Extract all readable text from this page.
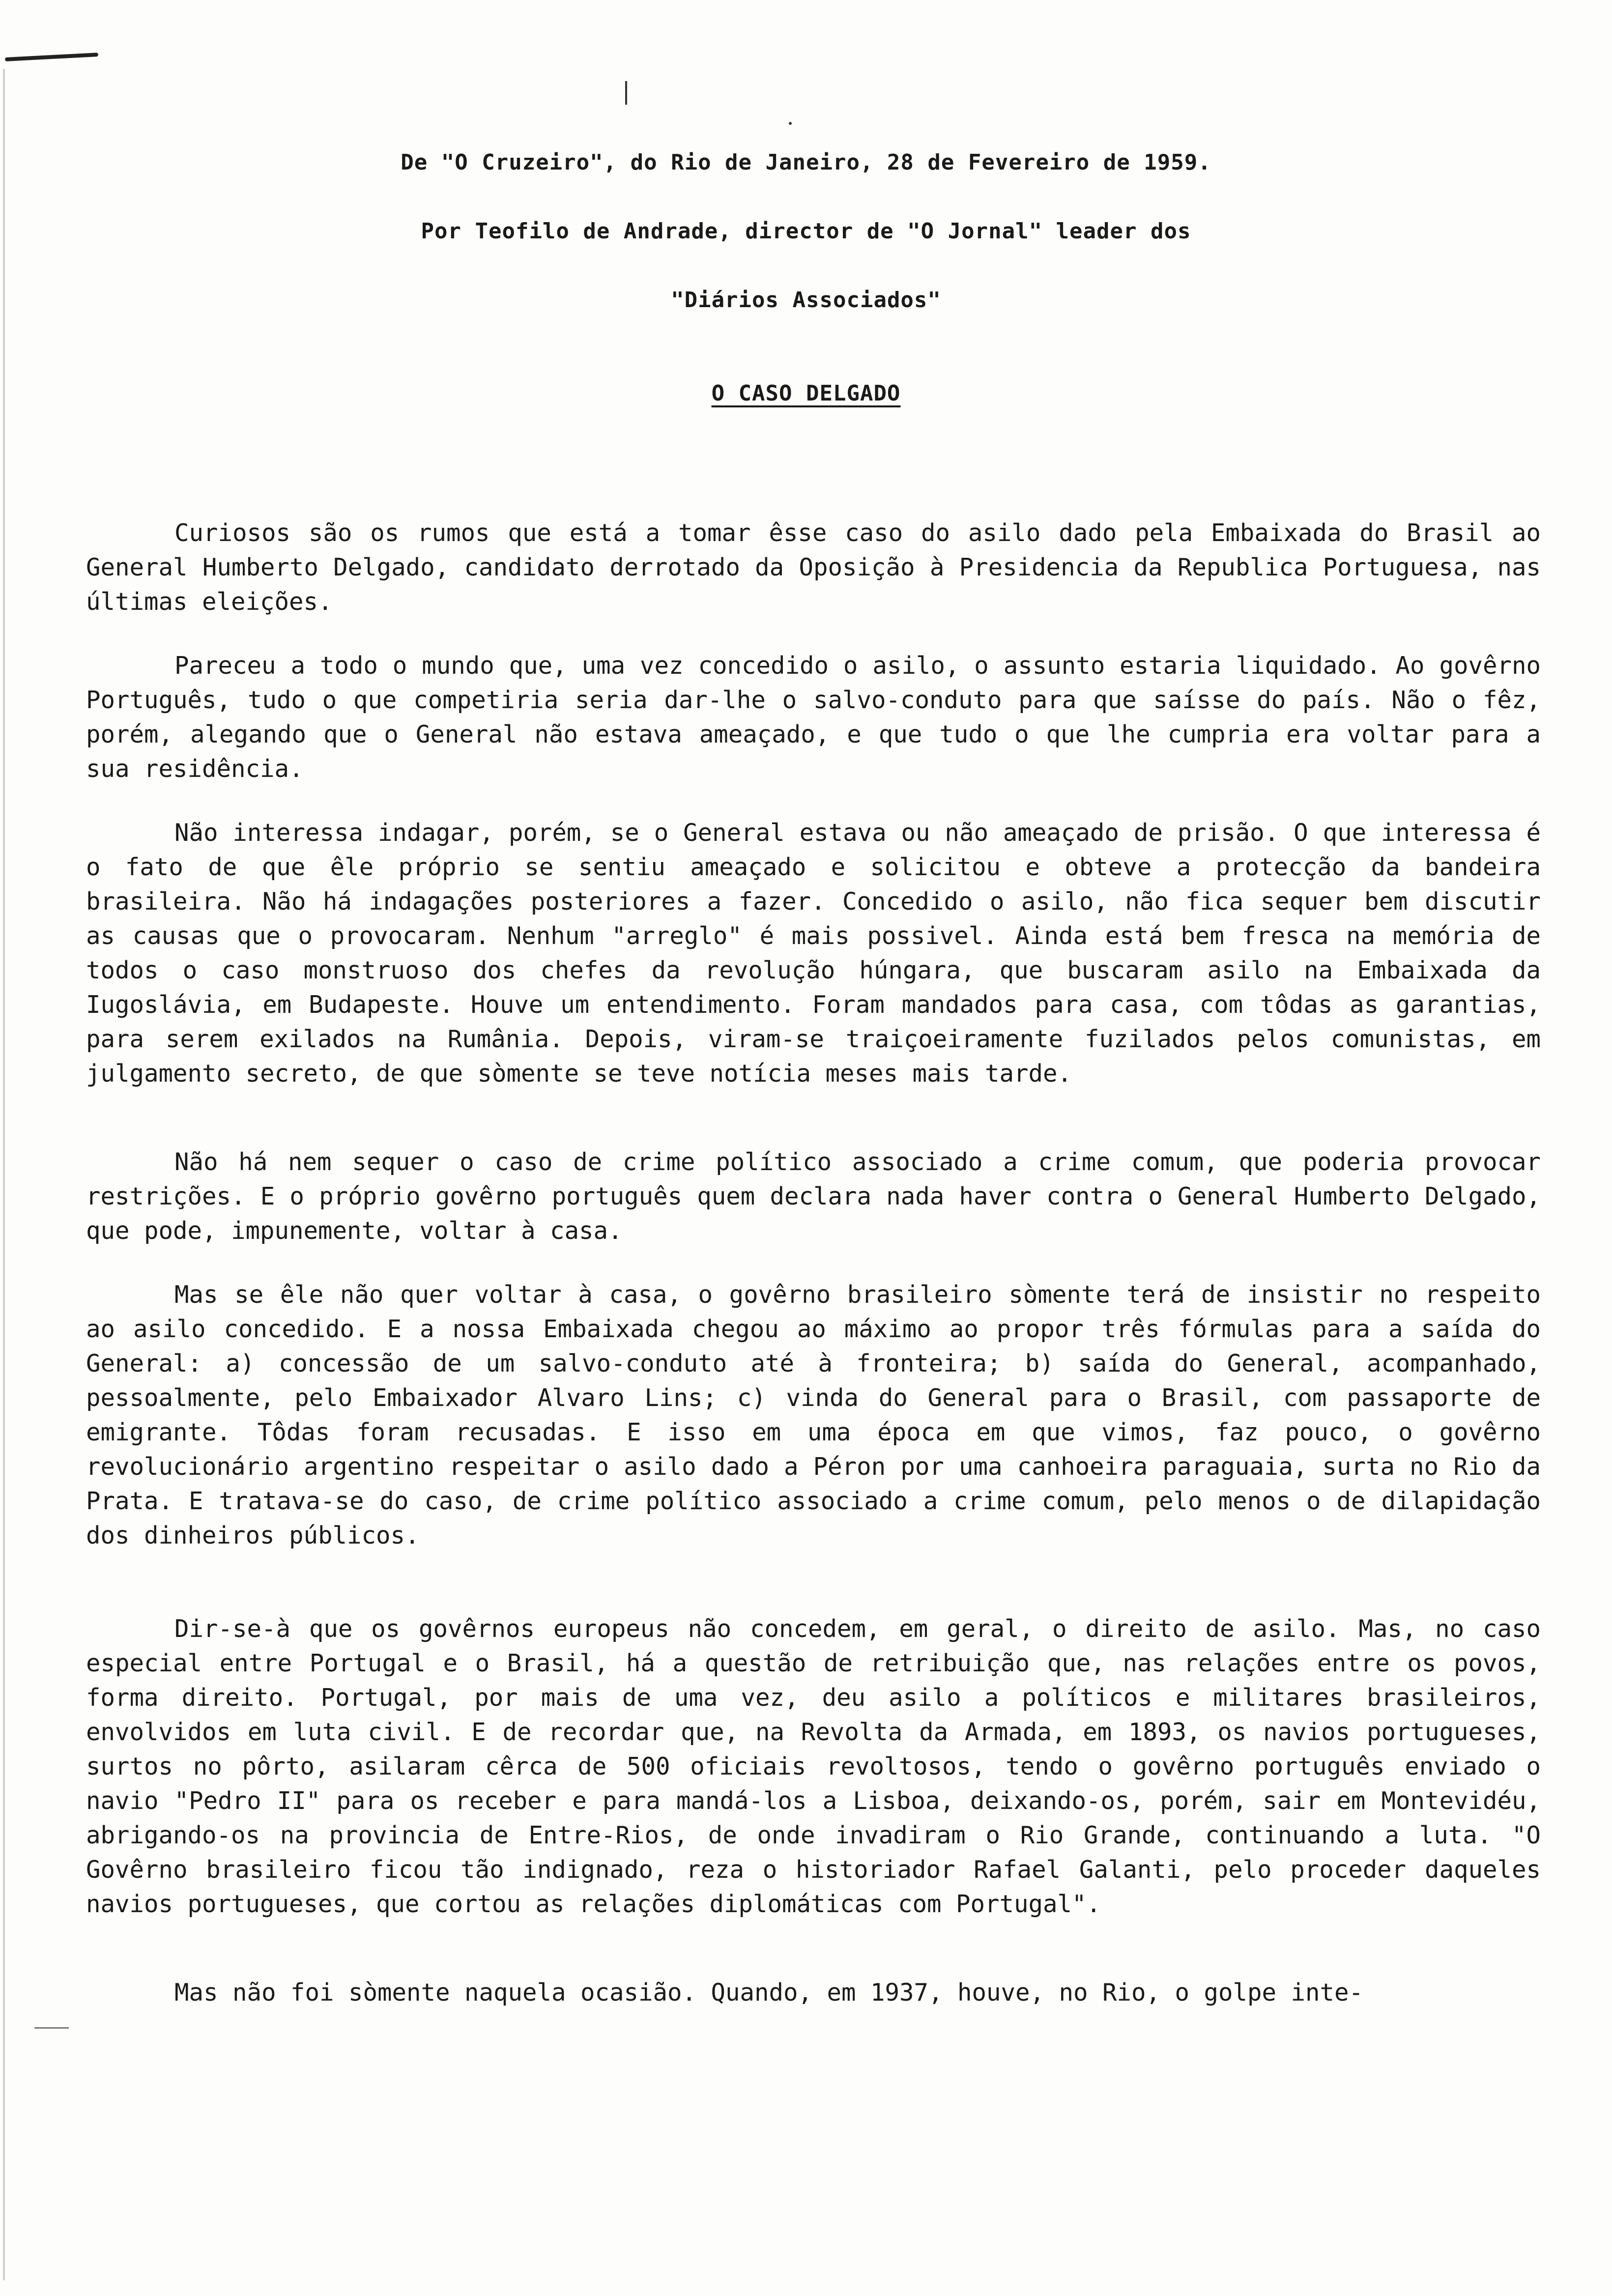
De "O Cruzeiro", do Rio de Janeiro, 28 de Fevereiro de 1959.
Por Teofilo de Andrade, director de "O Jornal" leader dos
"Diários Associados"
O CASO DELGADO

Curiosos são os rumos que está a tomar êsse caso do asilo dado pela Embaixada do Brasil ao General Humberto Delgado, candidato derrotado da Oposição à Presidencia da Republica Portuguesa, nas últimas eleições.

Pareceu a todo o mundo que, uma vez concedido o asilo, o assunto estaria liquidado. Ao govêrno Português, tudo o que competiria seria dar-lhe o salvo-conduto para que saísse do país. Não o fêz, porém, alegando que o General não estava ameaçado, e que tudo o que lhe cumpria era voltar para a sua residência.

Não interessa indagar, porém, se o General estava ou não ameaçado de prisão. O que interessa é o fato de que êle próprio se sentiu ameaçado e solicitou e obteve a protecção da bandeira brasileira. Não há indagações posteriores a fazer. Concedido o asilo, não fica sequer bem discutir as causas que o provocaram. Nenhum "arreglo" é mais possivel. Ainda está bem fresca na memória de todos o caso monstruoso dos chefes da revolução húngara, que buscaram asilo na Embaixada da Iugoslávia, em Budapeste. Houve um entendimento. Foram mandados para casa, com tôdas as garantias, para serem exilados na Rumânia. Depois, viram-se traiçoeiramente fuzilados pelos comunistas, em julgamento secreto, de que sòmente se teve notícia meses mais tarde.

Não há nem sequer o caso de crime político associado a crime comum, que poderia provocar restrições. E o próprio govêrno português quem declara nada haver contra o General Humberto Delgado, que pode, impunemente, voltar à casa.

Mas se êle não quer voltar à casa, o govêrno brasileiro sòmente terá de insistir no respeito ao asilo concedido. E a nossa Embaixada chegou ao máximo ao propor três fórmulas para a saída do General: a) concessão de um salvo-conduto até à fronteira; b) saída do General, acompanhado, pessoalmente, pelo Embaixador Alvaro Lins; c) vinda do General para o Brasil, com passaporte de emigrante. Tôdas foram recusadas. E isso em uma época em que vimos, faz pouco, o govêrno revolucionário argentino respeitar o asilo dado a Péron por uma canhoeira paraguaia, surta no Rio da Prata. E tratava-se do caso, de crime político associado a crime comum, pelo menos o de dilapidação dos dinheiros públicos.

Dir-se-à que os govêrnos europeus não concedem, em geral, o direito de asilo. Mas, no caso especial entre Portugal e o Brasil, há a questão de retribuição que, nas relações entre os povos, forma direito. Portugal, por mais de uma vez, deu asilo a políticos e militares brasileiros, envolvidos em luta civil. E de recordar que, na Revolta da Armada, em 1893, os navios portugueses, surtos no pôrto, asilaram cêrca de 500 oficiais revoltosos, tendo o govêrno português enviado o navio "Pedro II" para os receber e para mandá-los a Lisboa, deixando-os, porém, sair em Montevidéu, abrigando-os na provincia de Entre-Rios, de onde invadiram o Rio Grande, continuando a luta. "O Govêrno brasileiro ficou tão indignado, reza o historiador Rafael Galanti, pelo proceder daqueles navios portugueses, que cortou as relações diplomáticas com Portugal".

Mas não foi sòmente naquela ocasião. Quando, em 1937, houve, no Rio, o golpe inte-
